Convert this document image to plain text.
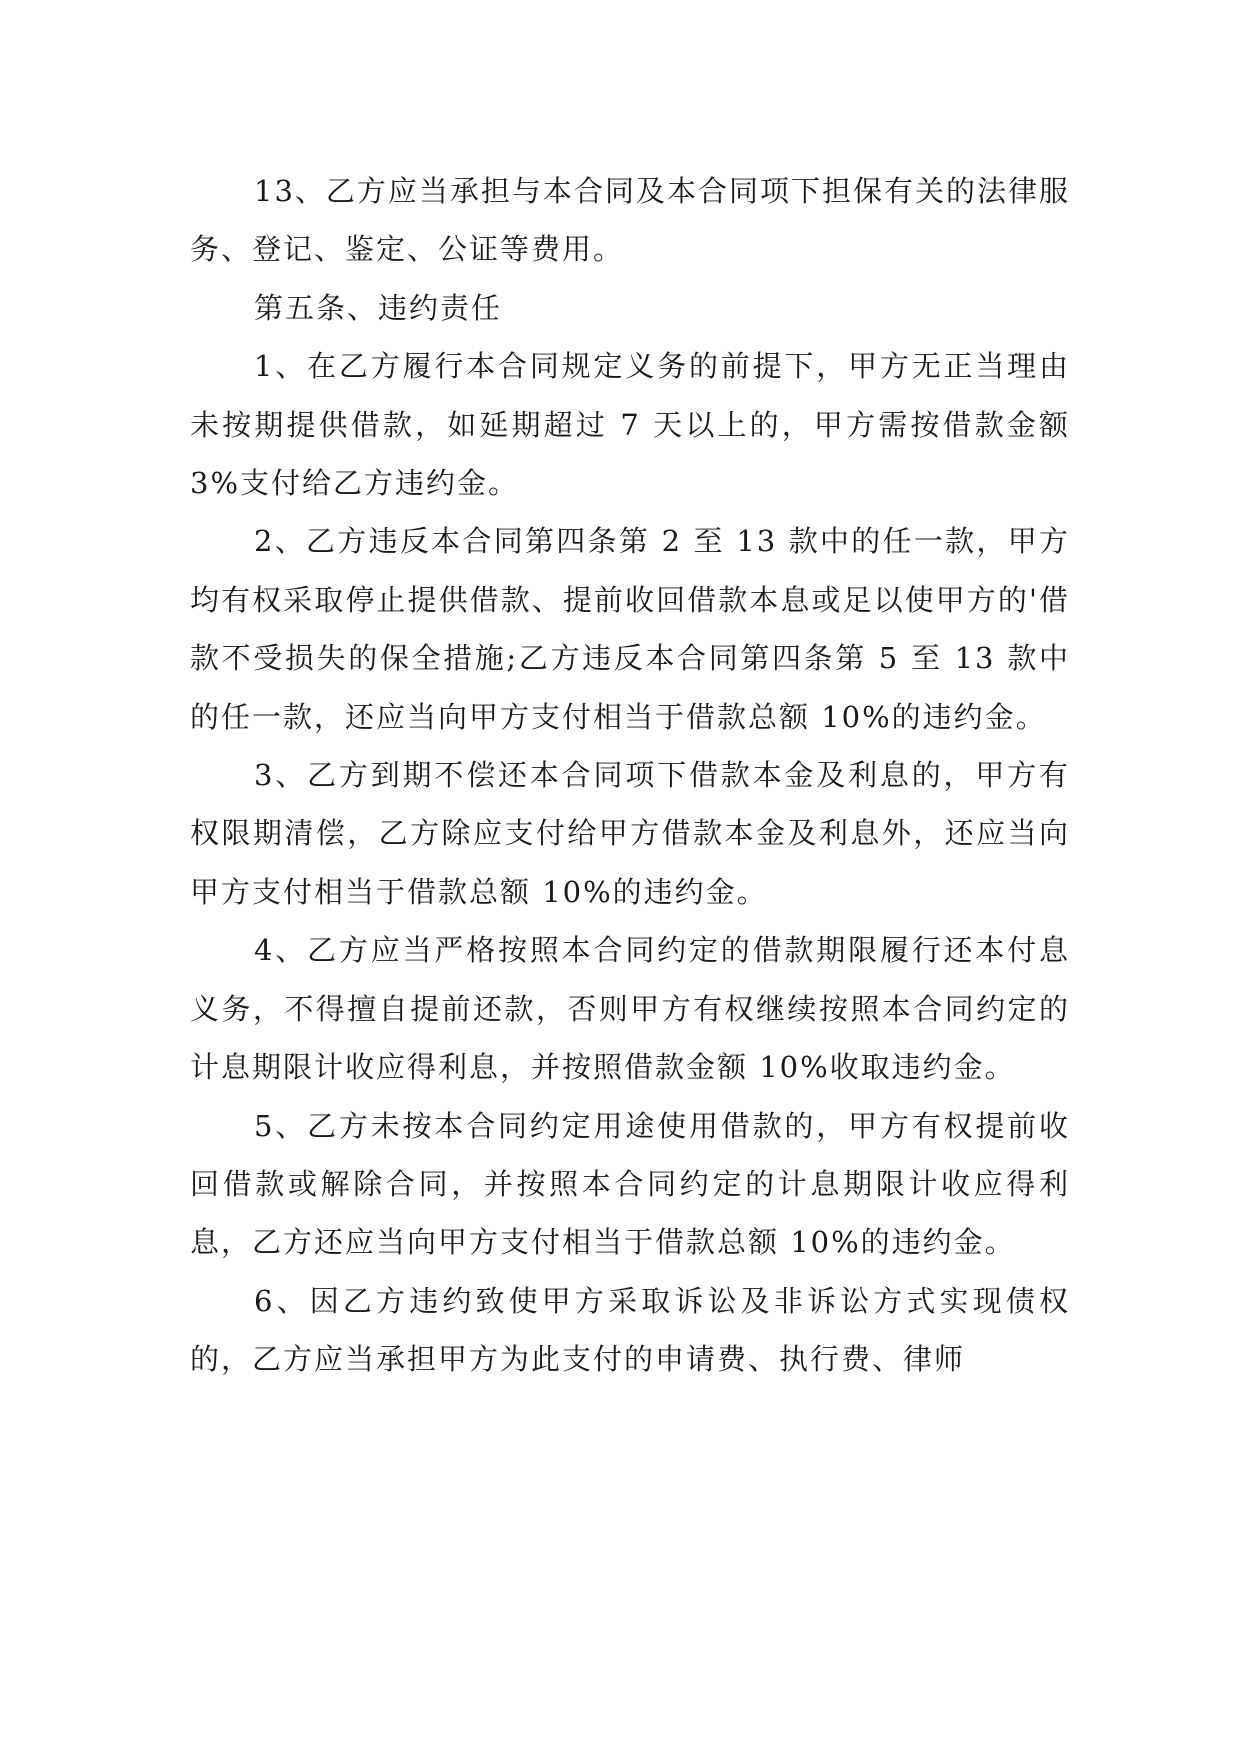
13、乙方应当承担与本合同及本合同项下担保有关的法律服务、登记、鉴定、公证等费用。

第五条、违约责任

1、在乙方履行本合同规定义务的前提下，甲方无正当理由未按期提供借款，如延期超过 7 天以上的，甲方需按借款金额 3%支付给乙方违约金。

2、乙方违反本合同第四条第 2 至 13 款中的任一款，甲方均有权采取停止提供借款、提前收回借款本息或足以使甲方的'借款不受损失的保全措施;乙方违反本合同第四条第 5 至 13 款中的任一款，还应当向甲方支付相当于借款总额 10%的违约金。

3、乙方到期不偿还本合同项下借款本金及利息的，甲方有权限期清偿，乙方除应支付给甲方借款本金及利息外，还应当向甲方支付相当于借款总额 10%的违约金。

4、乙方应当严格按照本合同约定的借款期限履行还本付息义务，不得擅自提前还款，否则甲方有权继续按照本合同约定的计息期限计收应得利息，并按照借款金额 10%收取违约金。

5、乙方未按本合同约定用途使用借款的，甲方有权提前收回借款或解除合同，并按照本合同约定的计息期限计收应得利息，乙方还应当向甲方支付相当于借款总额 10%的违约金。

6、因乙方违约致使甲方采取诉讼及非诉讼方式实现债权的，乙方应当承担甲方为此支付的申请费、执行费、律师
